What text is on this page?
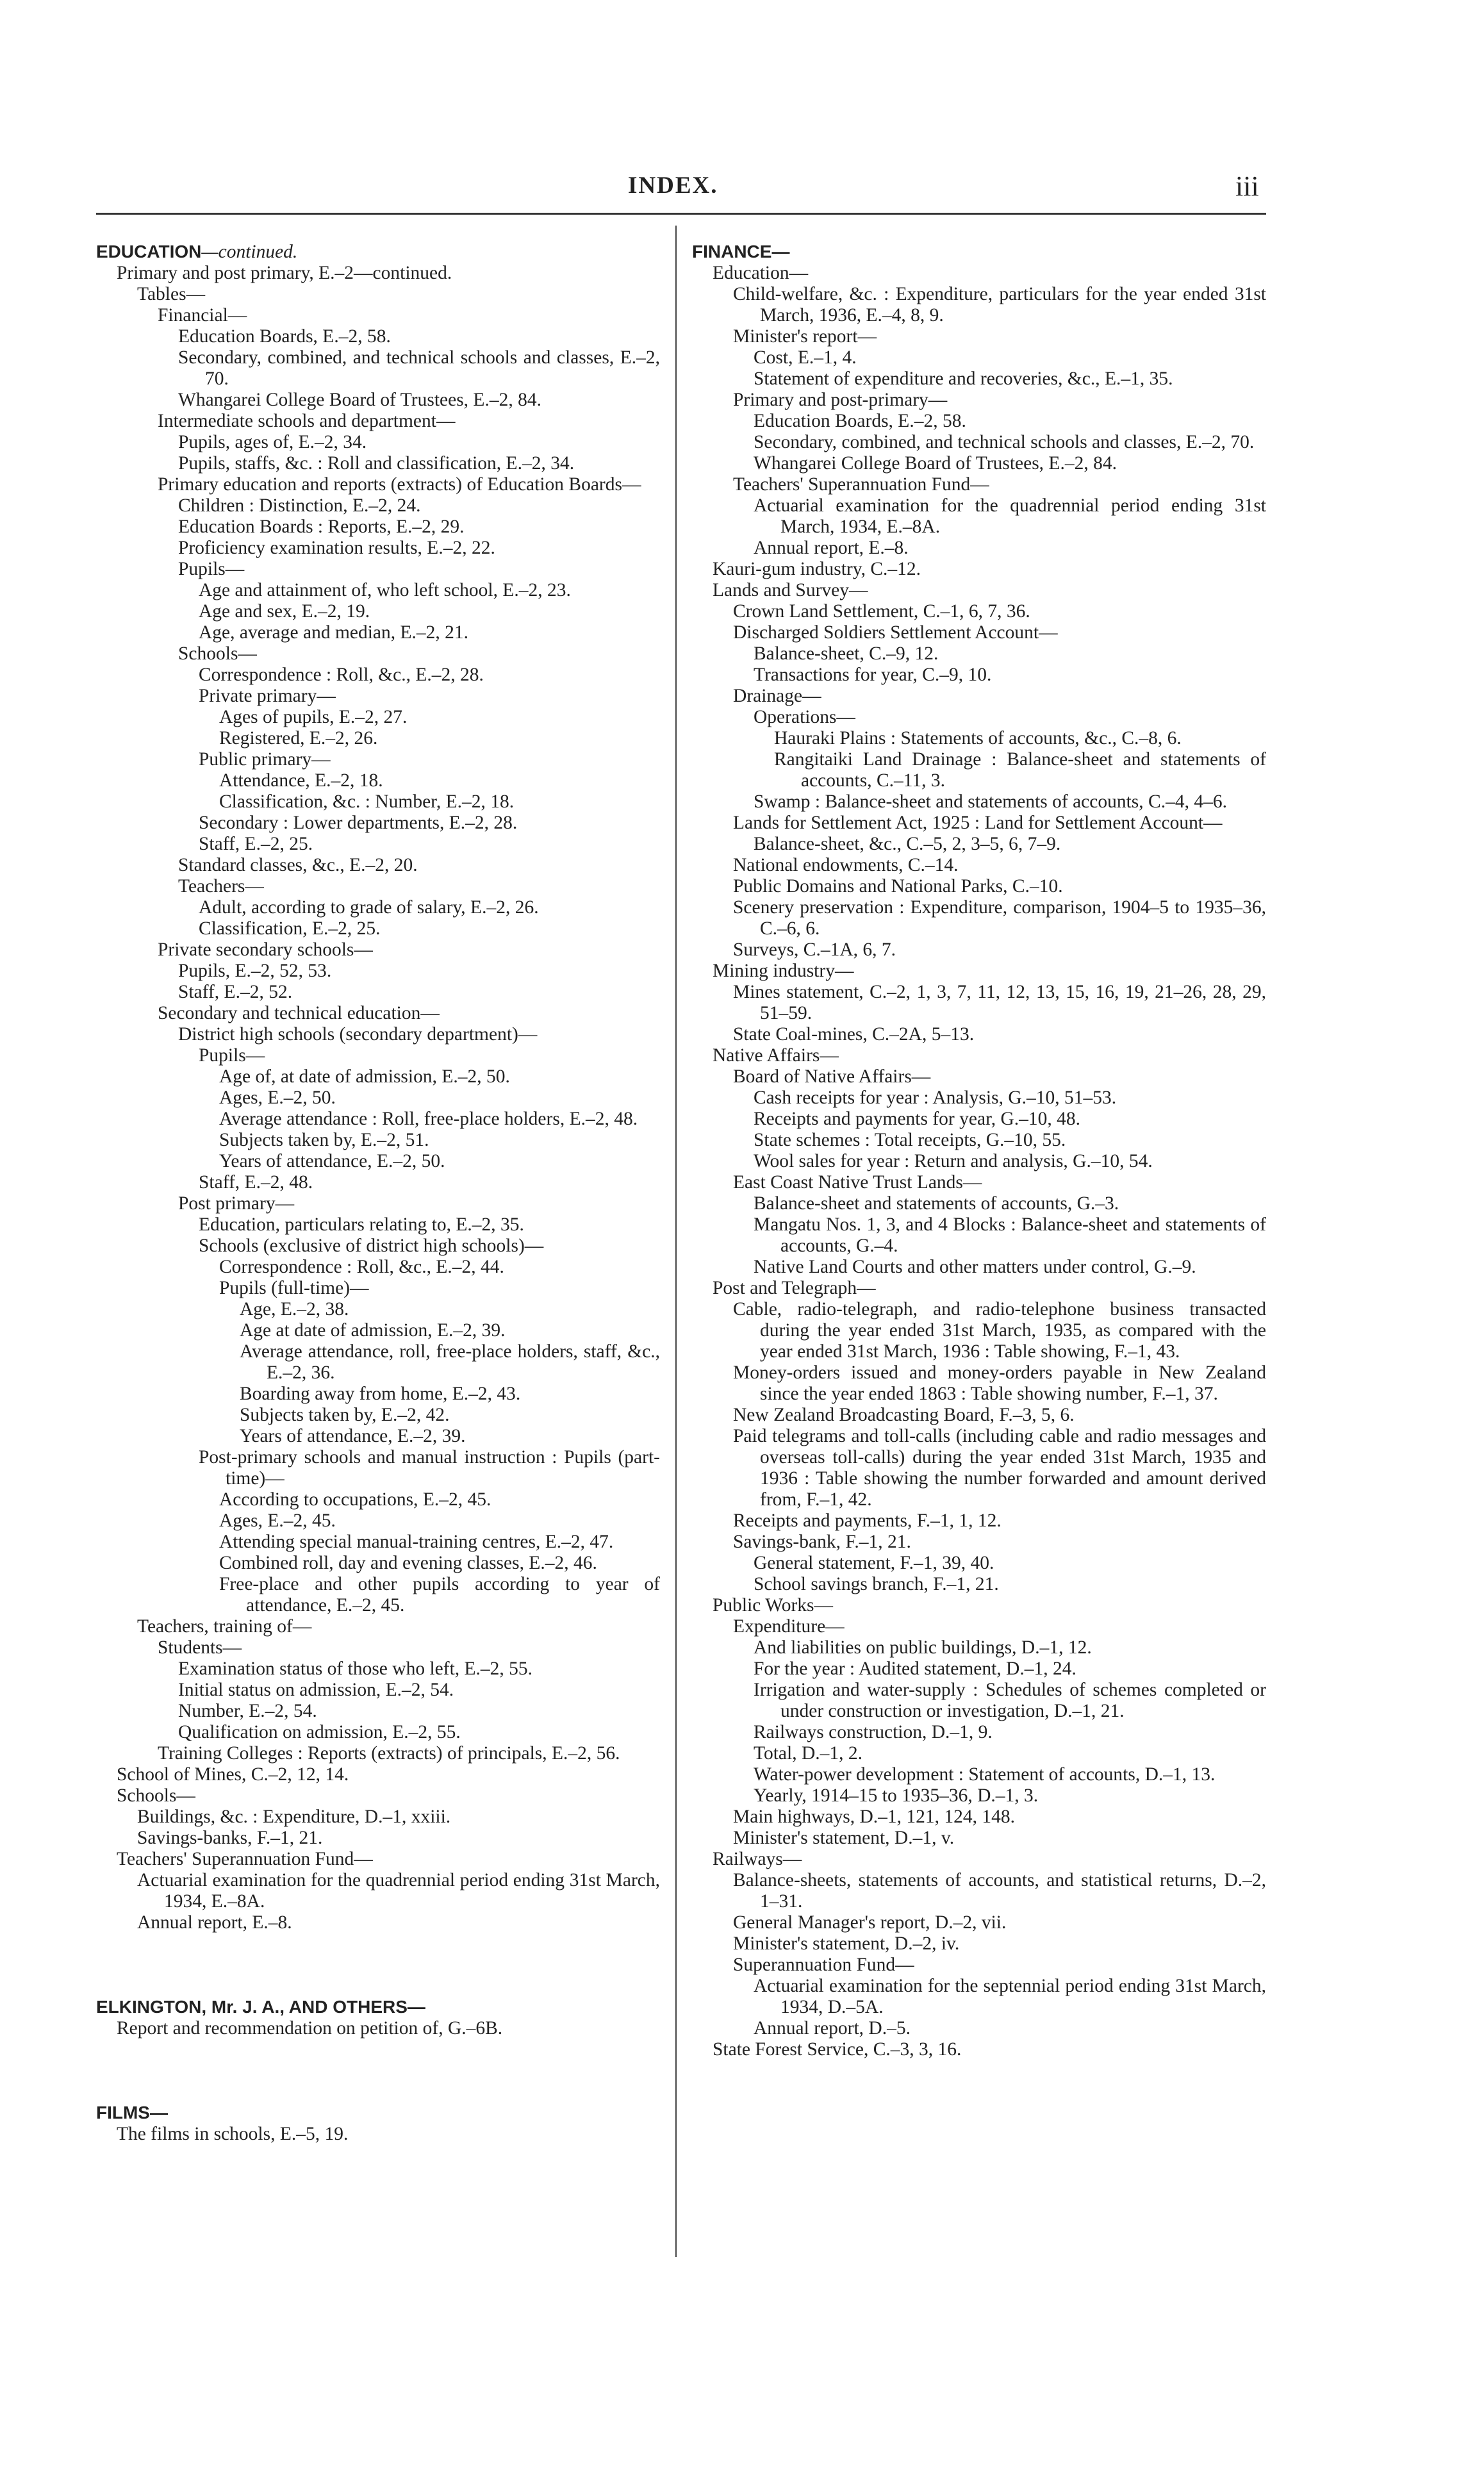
INDEX.	iii
EDUCATION—continued.
Primary and post primary, E.–2—continued.
Tables—
Financial—
Education Boards, E.–2, 58.
Secondary, combined, and technical schools and classes, E.–2, 70.
Whangarei College Board of Trustees, E.–2, 84.
Intermediate schools and department—
Pupils, ages of, E.–2, 34.
Pupils, staffs, &c. : Roll and classification, E.–2, 34.
Primary education and reports (extracts) of Education Boards—
Children : Distinction, E.–2, 24.
Education Boards : Reports, E.–2, 29.
Proficiency examination results, E.–2, 22.
Pupils—
Age and attainment of, who left school, E.–2, 23.
Age and sex, E.–2, 19.
Age, average and median, E.–2, 21.
Schools—
Correspondence : Roll, &c., E.–2, 28.
Private primary—
Ages of pupils, E.–2, 27.
Registered, E.–2, 26.
Public primary—
Attendance, E.–2, 18.
Classification, &c. : Number, E.–2, 18.
Secondary : Lower departments, E.–2, 28.
Staff, E.–2, 25.
Standard classes, &c., E.–2, 20.
Teachers—
Adult, according to grade of salary, E.–2, 26.
Classification, E.–2, 25.
Private secondary schools—
Pupils, E.–2, 52, 53.
Staff, E.–2, 52.
Secondary and technical education—
District high schools (secondary department)—
Pupils—
Age of, at date of admission, E.–2, 50.
Ages, E.–2, 50.
Average attendance : Roll, free-place holders, E.–2, 48.
Subjects taken by, E.–2, 51.
Years of attendance, E.–2, 50.
Staff, E.–2, 48.
Post primary—
Education, particulars relating to, E.–2, 35.
Schools (exclusive of district high schools)—
Correspondence : Roll, &c., E.–2, 44.
Pupils (full-time)—
Age, E.–2, 38.
Age at date of admission, E.–2, 39.
Average attendance, roll, free-place holders, staff, &c., E.–2, 36.
Boarding away from home, E.–2, 43.
Subjects taken by, E.–2, 42.
Years of attendance, E.–2, 39.
Post-primary schools and manual instruction : Pupils (part-time)—
According to occupations, E.–2, 45.
Ages, E.–2, 45.
Attending special manual-training centres, E.–2, 47.
Combined roll, day and evening classes, E.–2, 46.
Free-place and other pupils according to year of attendance, E.–2, 45.
Teachers, training of—
Students—
Examination status of those who left, E.–2, 55.
Initial status on admission, E.–2, 54.
Number, E.–2, 54.
Qualification on admission, E.–2, 55.
Training Colleges : Reports (extracts) of principals, E.–2, 56.
School of Mines, C.–2, 12, 14.
Schools—
Buildings, &c. : Expenditure, D.–1, xxiii.
Savings-banks, F.–1, 21.
Teachers' Superannuation Fund—
Actuarial examination for the quadrennial period ending 31st March, 1934, E.–8A.
Annual report, E.–8.
ELKINGTON, Mr. J. A., AND OTHERS—
Report and recommendation on petition of, G.–6B.
FILMS—
The films in schools, E.–5, 19.
FINANCE—
Education—
Child-welfare, &c. : Expenditure, particulars for the year ended 31st March, 1936, E.–4, 8, 9.
Minister's report—
Cost, E.–1, 4.
Statement of expenditure and recoveries, &c., E.–1, 35.
Primary and post-primary—
Education Boards, E.–2, 58.
Secondary, combined, and technical schools and classes, E.–2, 70.
Whangarei College Board of Trustees, E.–2, 84.
Teachers' Superannuation Fund—
Actuarial examination for the quadrennial period ending 31st March, 1934, E.–8A.
Annual report, E.–8.
Kauri-gum industry, C.–12.
Lands and Survey—
Crown Land Settlement, C.–1, 6, 7, 36.
Discharged Soldiers Settlement Account—
Balance-sheet, C.–9, 12.
Transactions for year, C.–9, 10.
Drainage—
Operations—
Hauraki Plains : Statements of accounts, &c., C.–8, 6.
Rangitaiki Land Drainage : Balance-sheet and statements of accounts, C.–11, 3.
Swamp : Balance-sheet and statements of accounts, C.–4, 4–6.
Lands for Settlement Act, 1925 : Land for Settlement Account—
Balance-sheet, &c., C.–5, 2, 3–5, 6, 7–9.
National endowments, C.–14.
Public Domains and National Parks, C.–10.
Scenery preservation : Expenditure, comparison, 1904–5 to 1935–36, C.–6, 6.
Surveys, C.–1A, 6, 7.
Mining industry—
Mines statement, C.–2, 1, 3, 7, 11, 12, 13, 15, 16, 19, 21–26, 28, 29, 51–59.
State Coal-mines, C.–2A, 5–13.
Native Affairs—
Board of Native Affairs—
Cash receipts for year : Analysis, G.–10, 51–53.
Receipts and payments for year, G.–10, 48.
State schemes : Total receipts, G.–10, 55.
Wool sales for year : Return and analysis, G.–10, 54.
East Coast Native Trust Lands—
Balance-sheet and statements of accounts, G.–3.
Mangatu Nos. 1, 3, and 4 Blocks : Balance-sheet and statements of accounts, G.–4.
Native Land Courts and other matters under control, G.–9.
Post and Telegraph—
Cable, radio-telegraph, and radio-telephone business transacted during the year ended 31st March, 1935, as compared with the year ended 31st March, 1936 : Table showing, F.–1, 43.
Money-orders issued and money-orders payable in New Zealand since the year ended 1863 : Table showing number, F.–1, 37.
New Zealand Broadcasting Board, F.–3, 5, 6.
Paid telegrams and toll-calls (including cable and radio messages and overseas toll-calls) during the year ended 31st March, 1935 and 1936 : Table showing the number forwarded and amount derived from, F.–1, 42.
Receipts and payments, F.–1, 1, 12.
Savings-bank, F.–1, 21.
General statement, F.–1, 39, 40.
School savings branch, F.–1, 21.
Public Works—
Expenditure—
And liabilities on public buildings, D.–1, 12.
For the year : Audited statement, D.–1, 24.
Irrigation and water-supply : Schedules of schemes completed or under construction or investigation, D.–1, 21.
Railways construction, D.–1, 9.
Total, D.–1, 2.
Water-power development : Statement of accounts, D.–1, 13.
Yearly, 1914–15 to 1935–36, D.–1, 3.
Main highways, D.–1, 121, 124, 148.
Minister's statement, D.–1, v.
Railways—
Balance-sheets, statements of accounts, and statistical returns, D.–2, 1–31.
General Manager's report, D.–2, vii.
Minister's statement, D.–2, iv.
Superannuation Fund—
Actuarial examination for the septennial period ending 31st March, 1934, D.–5A.
Annual report, D.–5.
State Forest Service, C.–3, 3, 16.
